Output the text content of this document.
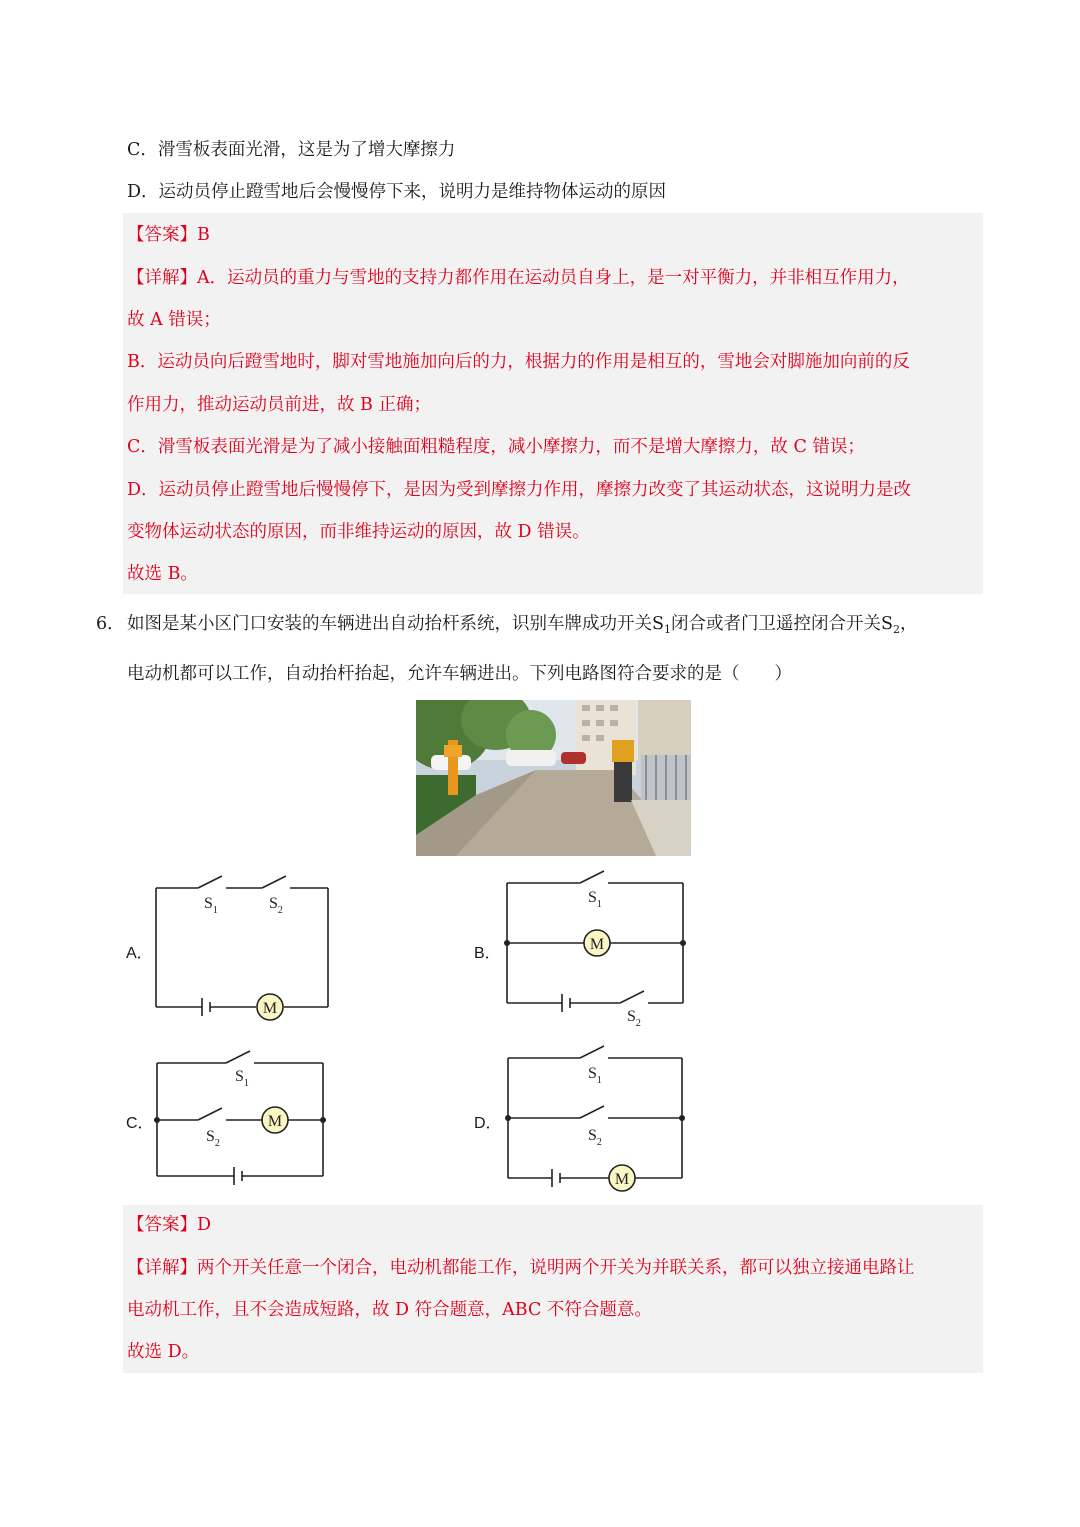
C．滑雪板表面光滑，这是为了增大摩擦力
D．运动员停止蹬雪地后会慢慢停下来，说明力是维持物体运动的原因
【答案】B
【详解】A．运动员的重力与雪地的支持力都作用在运动员自身上，是一对平衡力，并非相互作用力，
故 A 错误；
B．运动员向后蹬雪地时，脚对雪地施加向后的力，根据力的作用是相互的，雪地会对脚施加向前的反
作用力，推动运动员前进，故 B 正确；
C．滑雪板表面光滑是为了减小接触面粗糙程度，减小摩擦力，而不是增大摩擦力，故 C 错误；
D．运动员停止蹬雪地后慢慢停下，是因为受到摩擦力作用，摩擦力改变了其运动状态，这说明力是改
变物体运动状态的原因，而非维持运动的原因，故 D 错误。
故选 B。
6． 如图是某小区门口安装的车辆进出自动抬杆系统，识别车牌成功开关$S_1$闭合或者门卫遥控闭合开关$S_2$，
电动机都可以工作，自动抬杆抬起，允许车辆进出。下列电路图符合要求的是（　　）
A．	B．
C．	D．
M
$S_1$	$S_2$
M
$S_1$
$S_2$
M
$S_1$
$S_2$
M
$S_1$
$S_2$
【答案】D
【详解】两个开关任意一个闭合，电动机都能工作，说明两个开关为并联关系，都可以独立接通电路让
电动机工作，且不会造成短路，故 D 符合题意，ABC 不符合题意。
故选 D。
